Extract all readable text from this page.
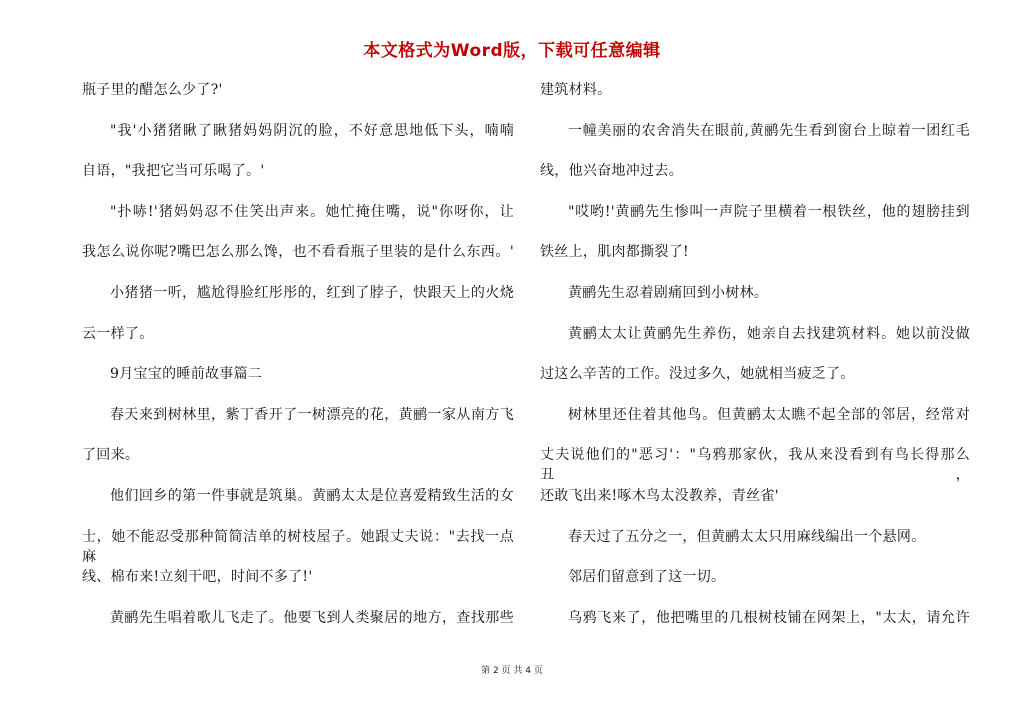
本文格式为Word版，下载可任意编辑
瓶子里的醋怎么少了?'
"我'小猪猪瞅了瞅猪妈妈阴沉的脸，不好意思地低下头，喃喃
自语，"我把它当可乐喝了。'
"扑哧!'猪妈妈忍不住笑出声来。她忙掩住嘴，说"你呀你，让
我怎么说你呢?嘴巴怎么那么馋，也不看看瓶子里装的是什么东西。'
小猪猪一听，尴尬得脸红彤彤的，红到了脖子，快跟天上的火烧
云一样了。
9月宝宝的睡前故事篇二
春天来到树林里，紫丁香开了一树漂亮的花，黄鹂一家从南方飞
了回来。
他们回乡的第一件事就是筑巢。黄鹂太太是位喜爱精致生活的女
士，她不能忍受那种简简洁单的树枝屋子。她跟丈夫说："去找一点麻
线、棉布来!立刻干吧，时间不多了!'
黄鹂先生唱着歌儿飞走了。他要飞到人类聚居的地方，查找那些
建筑材料。
一幢美丽的农舍消失在眼前,黄鹂先生看到窗台上晾着一团红毛
线，他兴奋地冲过去。
"哎哟!'黄鹂先生惨叫一声院子里横着一根铁丝，他的翅膀挂到
铁丝上，肌肉都撕裂了!
黄鹂先生忍着剧痛回到小树林。
黄鹂太太让黄鹂先生养伤，她亲自去找建筑材料。她以前没做
过这么辛苦的工作。没过多久，她就相当疲乏了。
树林里还住着其他鸟。但黄鹂太太瞧不起全部的邻居，经常对
丈夫说他们的"恶习'："乌鸦那家伙，我从来没看到有鸟长得那么丑，
还敢飞出来!啄木鸟太没教养，青丝雀'
春天过了五分之一，但黄鹂太太只用麻线编出一个悬网。
邻居们留意到了这一切。
乌鸦飞来了，他把嘴里的几根树枝铺在网架上，"太太，请允许
第 2 页 共 4 页
